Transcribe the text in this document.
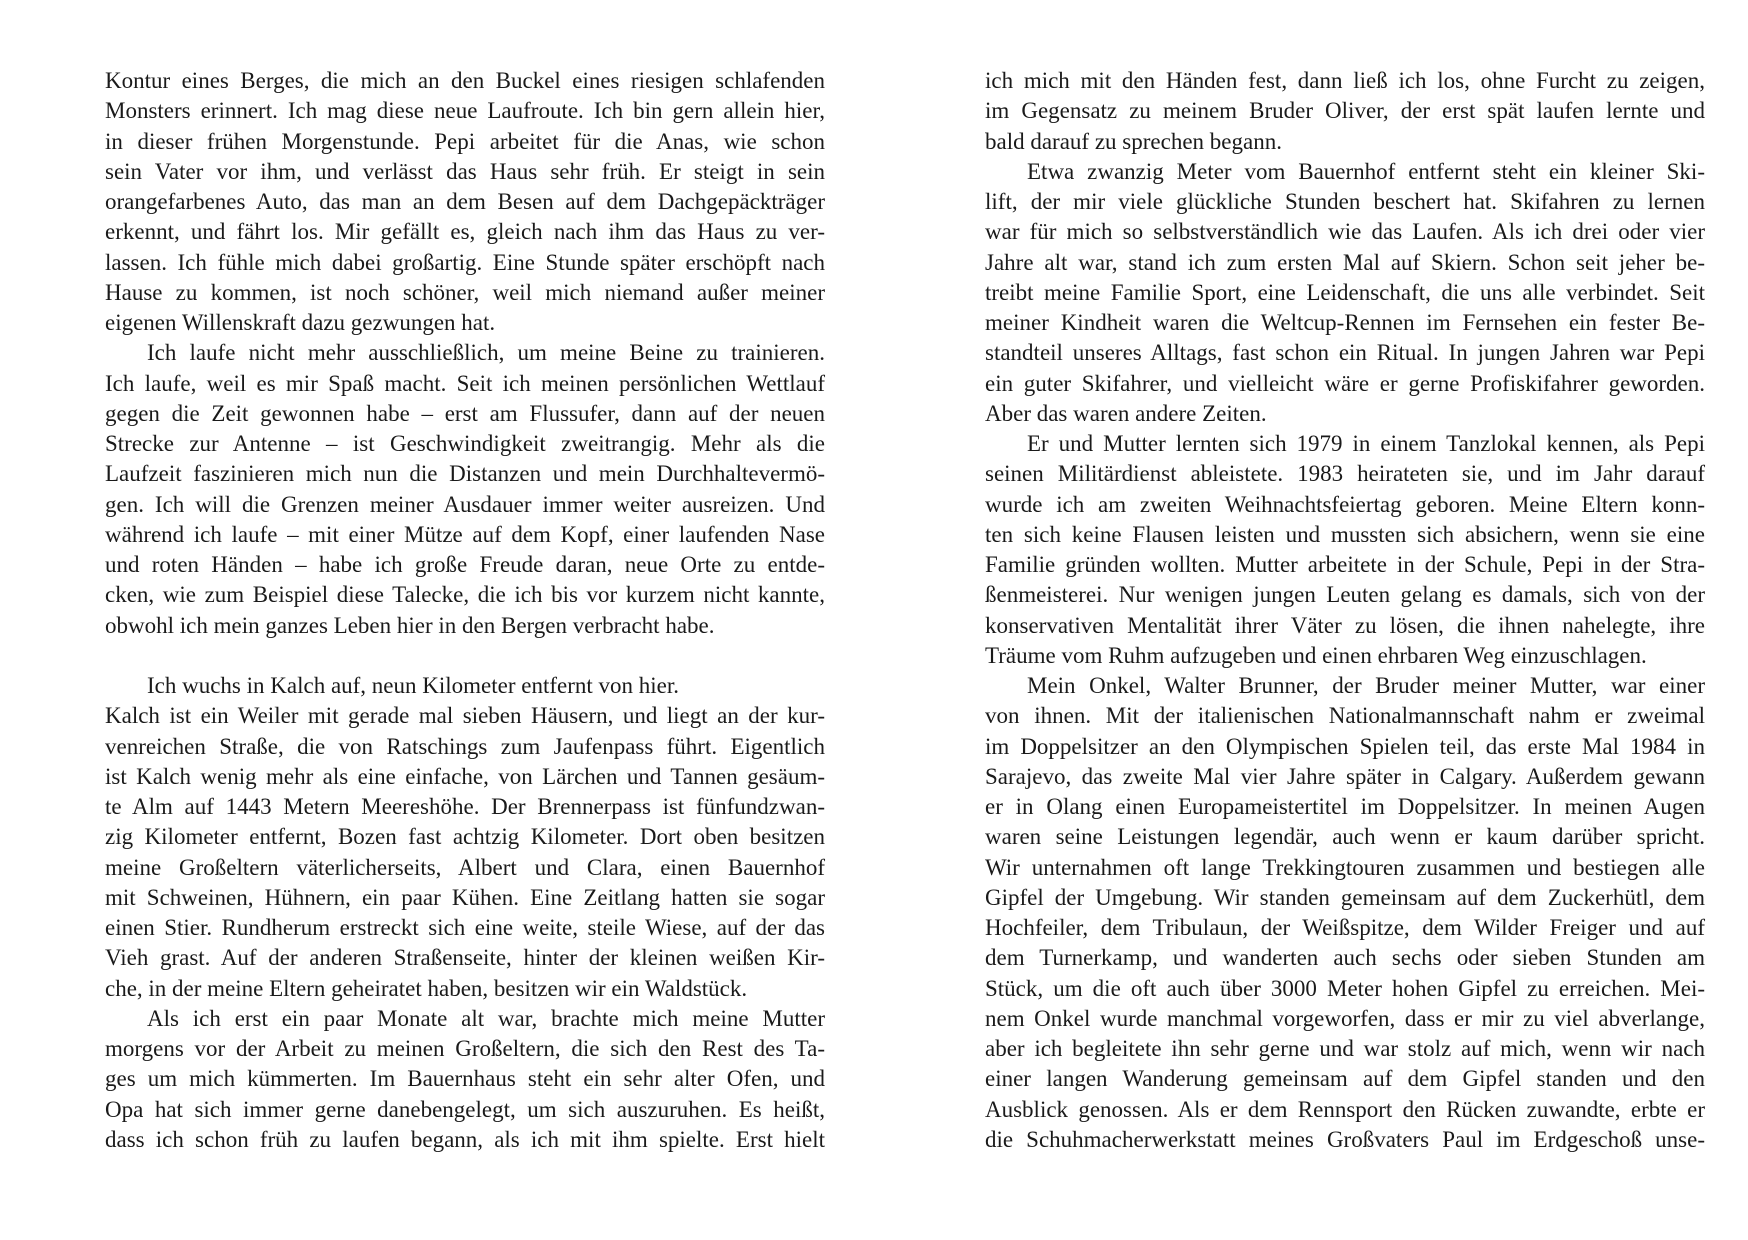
Kontur eines Berges, die mich an den Buckel eines riesigen schlafenden
Monsters erinnert. Ich mag diese neue Laufroute. Ich bin gern allein hier,
in dieser frühen Morgenstunde. Pepi arbeitet für die Anas, wie schon
sein Vater vor ihm, und verlässt das Haus sehr früh. Er steigt in sein
orangefarbenes Auto, das man an dem Besen auf dem Dachgepäckträger
erkennt, und fährt los. Mir gefällt es, gleich nach ihm das Haus zu ver-
lassen. Ich fühle mich dabei großartig. Eine Stunde später erschöpft nach
Hause zu kommen, ist noch schöner, weil mich niemand außer meiner
eigenen Willenskraft dazu gezwungen hat.
Ich laufe nicht mehr ausschließlich, um meine Beine zu trainieren.
Ich laufe, weil es mir Spaß macht. Seit ich meinen persönlichen Wettlauf
gegen die Zeit gewonnen habe – erst am Flussufer, dann auf der neuen
Strecke zur Antenne – ist Geschwindigkeit zweitrangig. Mehr als die
Laufzeit faszinieren mich nun die Distanzen und mein Durchhaltevermö-
gen. Ich will die Grenzen meiner Ausdauer immer weiter ausreizen. Und
während ich laufe – mit einer Mütze auf dem Kopf, einer laufenden Nase
und roten Händen – habe ich große Freude daran, neue Orte zu entde-
cken, wie zum Beispiel diese Talecke, die ich bis vor kurzem nicht kannte,
obwohl ich mein ganzes Leben hier in den Bergen verbracht habe.
Ich wuchs in Kalch auf, neun Kilometer entfernt von hier.
Kalch ist ein Weiler mit gerade mal sieben Häusern, und liegt an der kur-
venreichen Straße, die von Ratschings zum Jaufenpass führt. Eigentlich
ist Kalch wenig mehr als eine einfache, von Lärchen und Tannen gesäum-
te Alm auf 1443 Metern Meereshöhe. Der Brennerpass ist fünfundzwan-
zig Kilometer entfernt, Bozen fast achtzig Kilometer. Dort oben besitzen
meine Großeltern väterlicherseits, Albert und Clara, einen Bauernhof
mit Schweinen, Hühnern, ein paar Kühen. Eine Zeitlang hatten sie sogar
einen Stier. Rundherum erstreckt sich eine weite, steile Wiese, auf der das
Vieh grast. Auf der anderen Straßenseite, hinter der kleinen weißen Kir-
che, in der meine Eltern geheiratet haben, besitzen wir ein Waldstück.
Als ich erst ein paar Monate alt war, brachte mich meine Mutter
morgens vor der Arbeit zu meinen Großeltern, die sich den Rest des Ta-
ges um mich kümmerten. Im Bauernhaus steht ein sehr alter Ofen, und
Opa hat sich immer gerne danebengelegt, um sich auszuruhen. Es heißt,
dass ich schon früh zu laufen begann, als ich mit ihm spielte. Erst hielt
ich mich mit den Händen fest, dann ließ ich los, ohne Furcht zu zeigen,
im Gegensatz zu meinem Bruder Oliver, der erst spät laufen lernte und
bald darauf zu sprechen begann.
Etwa zwanzig Meter vom Bauernhof entfernt steht ein kleiner Ski-
lift, der mir viele glückliche Stunden beschert hat. Skifahren zu lernen
war für mich so selbstverständlich wie das Laufen. Als ich drei oder vier
Jahre alt war, stand ich zum ersten Mal auf Skiern. Schon seit jeher be-
treibt meine Familie Sport, eine Leidenschaft, die uns alle verbindet. Seit
meiner Kindheit waren die Weltcup-Rennen im Fernsehen ein fester Be-
standteil unseres Alltags, fast schon ein Ritual. In jungen Jahren war Pepi
ein guter Skifahrer, und vielleicht wäre er gerne Profiskifahrer geworden.
Aber das waren andere Zeiten.
Er und Mutter lernten sich 1979 in einem Tanzlokal kennen, als Pepi
seinen Militärdienst ableistete. 1983 heirateten sie, und im Jahr darauf
wurde ich am zweiten Weihnachtsfeiertag geboren. Meine Eltern konn-
ten sich keine Flausen leisten und mussten sich absichern, wenn sie eine
Familie gründen wollten. Mutter arbeitete in der Schule, Pepi in der Stra-
ßenmeisterei. Nur wenigen jungen Leuten gelang es damals, sich von der
konservativen Mentalität ihrer Väter zu lösen, die ihnen nahelegte, ihre
Träume vom Ruhm aufzugeben und einen ehrbaren Weg einzuschlagen.
Mein Onkel, Walter Brunner, der Bruder meiner Mutter, war einer
von ihnen. Mit der italienischen Nationalmannschaft nahm er zweimal
im Doppelsitzer an den Olympischen Spielen teil, das erste Mal 1984 in
Sarajevo, das zweite Mal vier Jahre später in Calgary. Außerdem gewann
er in Olang einen Europameistertitel im Doppelsitzer. In meinen Augen
waren seine Leistungen legendär, auch wenn er kaum darüber spricht.
Wir unternahmen oft lange Trekkingtouren zusammen und bestiegen alle
Gipfel der Umgebung. Wir standen gemeinsam auf dem Zuckerhütl, dem
Hochfeiler, dem Tribulaun, der Weißspitze, dem Wilder Freiger und auf
dem Turnerkamp, und wanderten auch sechs oder sieben Stunden am
Stück, um die oft auch über 3000 Meter hohen Gipfel zu erreichen. Mei-
nem Onkel wurde manchmal vorgeworfen, dass er mir zu viel abverlange,
aber ich begleitete ihn sehr gerne und war stolz auf mich, wenn wir nach
einer langen Wanderung gemeinsam auf dem Gipfel standen und den
Ausblick genossen. Als er dem Rennsport den Rücken zuwandte, erbte er
die Schuhmacherwerkstatt meines Großvaters Paul im Erdgeschoß unse-
